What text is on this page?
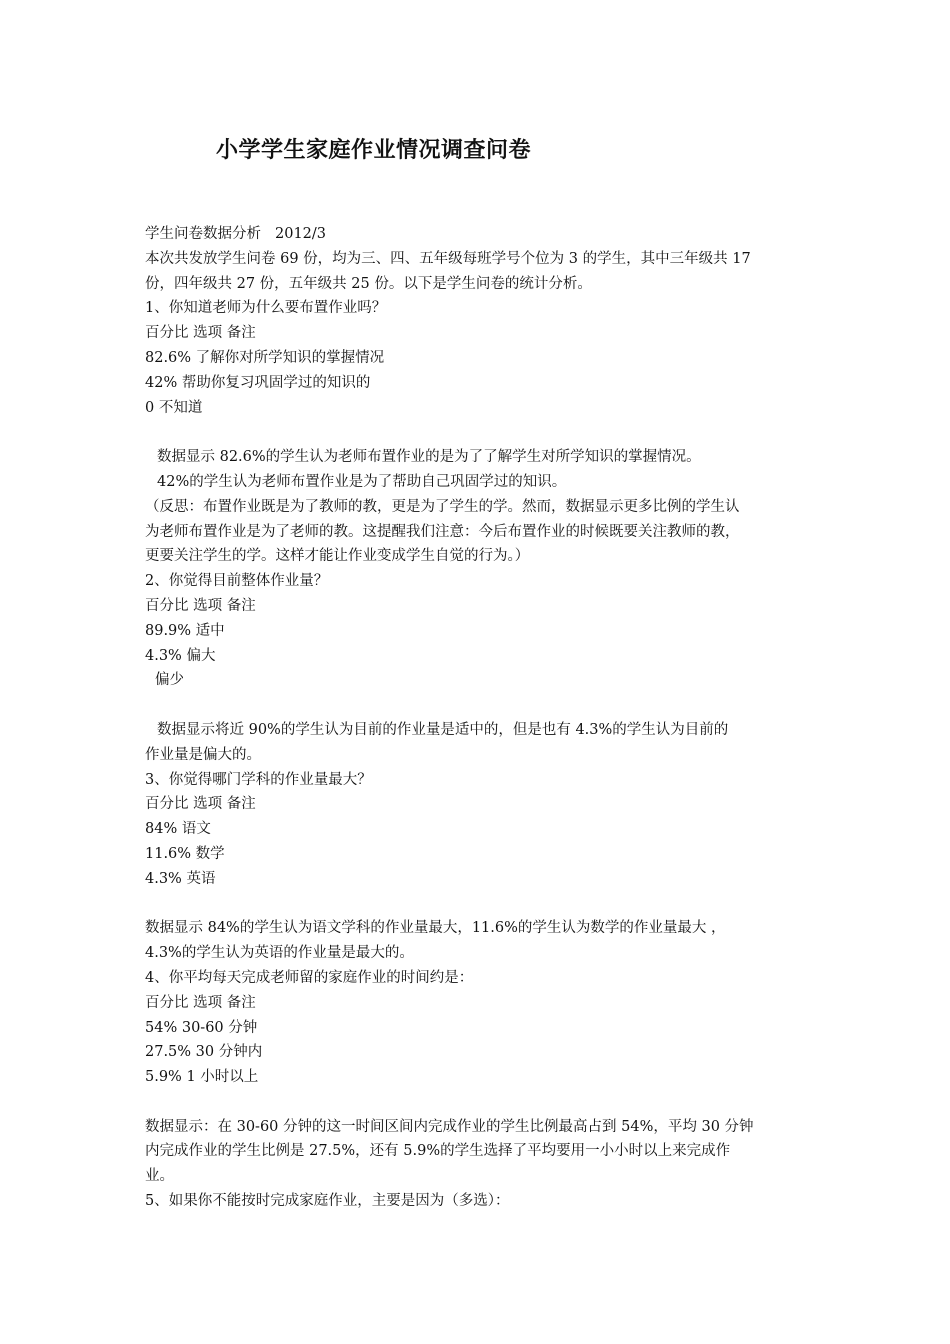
小学学生家庭作业情况调查问卷
学生问卷数据分析 2012/3
本次共发放学生问卷 69 份，均为三、四、五年级每班学号个位为 3 的学生，其中三年级共 17
份，四年级共 27 份，五年级共 25 份。以下是学生问卷的统计分析。
1、你知道老师为什么要布置作业吗？
百分比 选项 备注
82.6% 了解你对所学知识的掌握情况
42% 帮助你复习巩固学过的知识的
0 不知道
数据显示 82.6%的学生认为老师布置作业的是为了了解学生对所学知识的掌握情况。
42%的学生认为老师布置作业是为了帮助自己巩固学过的知识。
（反思：布置作业既是为了教师的教，更是为了学生的学。然而，数据显示更多比例的学生认
为老师布置作业是为了老师的教。这提醒我们注意：今后布置作业的时候既要关注教师的教，
更要关注学生的学。这样才能让作业变成学生自觉的行为。）
2、你觉得目前整体作业量？
百分比 选项 备注
89.9% 适中
4.3% 偏大
偏少
数据显示将近 90%的学生认为目前的作业量是适中的，但是也有 4.3%的学生认为目前的
作业量是偏大的。
3、你觉得哪门学科的作业量最大？
百分比 选项 备注
84% 语文
11.6% 数学
4.3% 英语
数据显示 84%的学生认为语文学科的作业量最大，11.6%的学生认为数学的作业量最大 ，
4.3%的学生认为英语的作业量是最大的。
4、你平均每天完成老师留的家庭作业的时间约是：
百分比 选项 备注
54% 30-60 分钟
27.5% 30 分钟内
5.9% 1 小时以上
数据显示：在 30-60 分钟的这一时间区间内完成作业的学生比例最高占到 54%，平均 30 分钟
内完成作业的学生比例是 27.5%，还有 5.9%的学生选择了平均要用一小小时以上来完成作
业。
5、如果你不能按时完成家庭作业，主要是因为（多选）：
